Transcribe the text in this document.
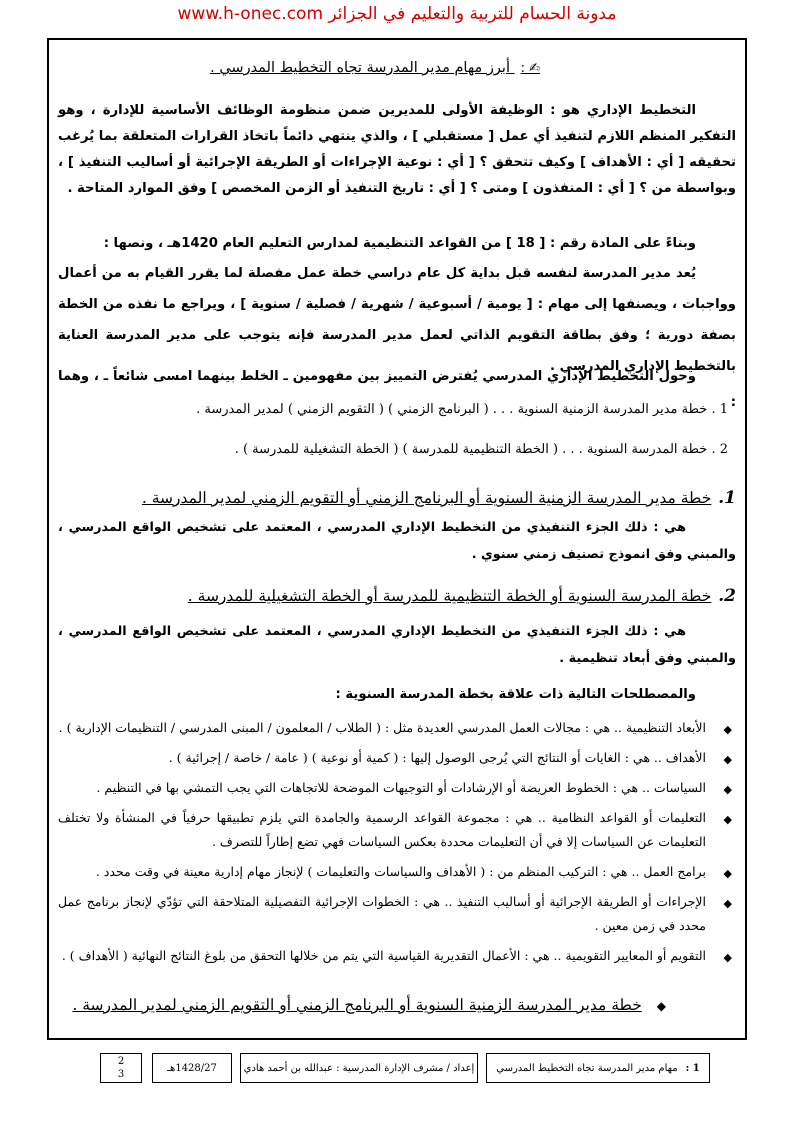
مدونة الحسام للتربية والتعليم في الجزائر www.h-onec.com
✍ : أبرز مهام مدير المدرسة تجاه التخطيط المدرسي .
التخطيط الإداري هو : الوظيفة الأولى للمديرين ضمن منظومة الوظائف الأساسية للإدارة ، وهو التفكير المنظم اللازم لتنفيذ أي عمل [ مستقبلي ] ، والذي ينتهي دائماً باتخاذ القرارات المتعلقة بما يُرغب تحقيقه [ أي : الأهداف ] وكيف تتحقق ؟ [ أي : نوعية الإجراءات أو الطريقة الإجرائية أو أساليب التنفيذ ] ، وبواسطة من ؟ [ أي : المنفذون ] ومتى ؟ [ أي : تاريخ التنفيذ أو الزمن المخصص ] وفق الموارد المتاحة .
وبناءً على المادة رقم : [ 18 ] من القواعد التنظيمية لمدارس التعليم العام 1420هـ ، ونصها :
يُعد مدير المدرسة لنفسه قبل بداية كل عام دراسي خطة عمل مفصلة لما يقرر القيام به من أعمال وواجبات ، ويصنفها إلى مهام : [ يومية / أسبوعية / شهرية / فصلية / سنوية ] ، ويراجع ما نفذه من الخطة بصفة دورية ؛ وفق بطاقة التقويم الذاتي لعمل مدير المدرسة فإنه يتوجب على مدير المدرسة العناية بالتخطيط الإداري المدرسي .
وحول التخطيط الإداري المدرسي يُفترض التمييز بين مفهومين ـ الخلط بينهما امسى شائعاً ـ ، وهما :
1 . خطة مدير المدرسة الزمنية السنوية . . . ( البرنامج الزمني ) ( التقويم الزمني ) لمدير المدرسة .
2 . خطة المدرسة السنوية . . . ( الخطة التنظيمية للمدرسة ) ( الخطة التشغيلية للمدرسة ) .
1. خطة مدير المدرسة الزمنية السنوية أو البرنامج الزمني أو التقويم الزمني لمدير المدرسة .
هي : ذلك الجزء التنفيذي من التخطيط الإداري المدرسي ، المعتمد على تشخيص الواقع المدرسي ، والمبني وفق انموذج تصنيف زمني سنوي .
2. خطة المدرسة السنوية أو الخطة التنظيمية للمدرسة أو الخطة التشغيلية للمدرسة .
هي : ذلك الجزء التنفيذي من التخطيط الإداري المدرسي ، المعتمد على تشخيص الواقع المدرسي ، والمبني وفق أبعاد تنظيمية .
والمصطلحات التالية ذات علاقة بخطة المدرسة السنوية :
◆
الأبعاد التنظيمية .. هي : مجالات العمل المدرسي العديدة مثل : ( الطلاب / المعلمون / المبنى المدرسي / التنظيمات الإدارية ) .
◆
الأهداف .. هي : الغايات أو النتائج التي يُرجى الوصول إليها : ( كمية أو نوعية ) ( عامة / خاصة / إجرائية ) .
◆
السياسات .. هي : الخطوط العريضة أو الإرشادات أو التوجيهات الموضحة للاتجاهات التي يجب التمشي بها في التنظيم .
◆
التعليمات أو القواعد النظامية .. هي : مجموعة القواعد الرسمية والجامدة التي يلزم تطبيقها حرفياً في المنشأة ولا تختلف التعليمات عن السياسات إلا في أن التعليمات محددة بعكس السياسات فهي تضع إطاراً للتصرف .
◆
برامج العمل .. هي : التركيب المنظم من : ( الأهداف والسياسات والتعليمات ) لإنجاز مهام إدارية معينة في وقت محدد .
◆
الإجراءات أو الطريقة الإجرائية أو أساليب التنفيذ .. هي : الخطوات الإجرائية التفصيلية المتلاحقة التي تؤدّي لإنجاز برنامج عمل محدد في زمن معين .
◆
التقويم أو المعايير التقويمية .. هي : الأعمال التقديرية القياسية التي يتم من خلالها التحقق من بلوغ النتائج النهائية ( الأهداف ) .
◆ خطة مدير المدرسة الزمنية السنوية أو البرنامج الزمني أو التقويم الزمني لمدير المدرسة .
1 :
مهام مدير المدرسة تجاه التخطيط المدرسي
إعداد / مشرف الإدارة المدرسية : عبدالله بن أحمد هادي
1428/27هـ
2
3
